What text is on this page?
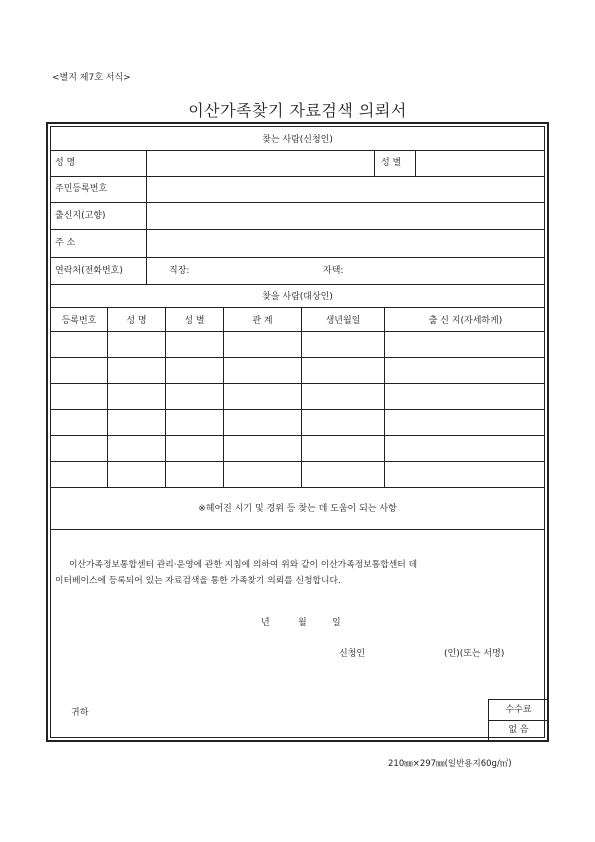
<별지 제7호 서식>
이산가족찾기 자료검색 의뢰서
찾는 사람(신청인)
성 명	성 별
주민등록번호
출신지(고향)
주 소
연락처(전화번호)	직장:	자택:
찾을 사람(대상인)
등록번호	성 명	성 별	관 계	생년월일	출 신 지(자세하게)
※헤어진 시기 및 경위 등 찾는 데 도움이 되는 사항
이산가족정보통합센터 관리·운영에 관한 지침에 의하여 위와 같이 이산가족정보통합센터 데
이터베이스에 등록되어 있는 자료검색을 통한 가족찾기 의뢰를 신청합니다.
년	월	일
신청인	(인)(또는 서명)
귀하	수수료
없 음
210㎜×297㎜(일반용지60g/㎡)
